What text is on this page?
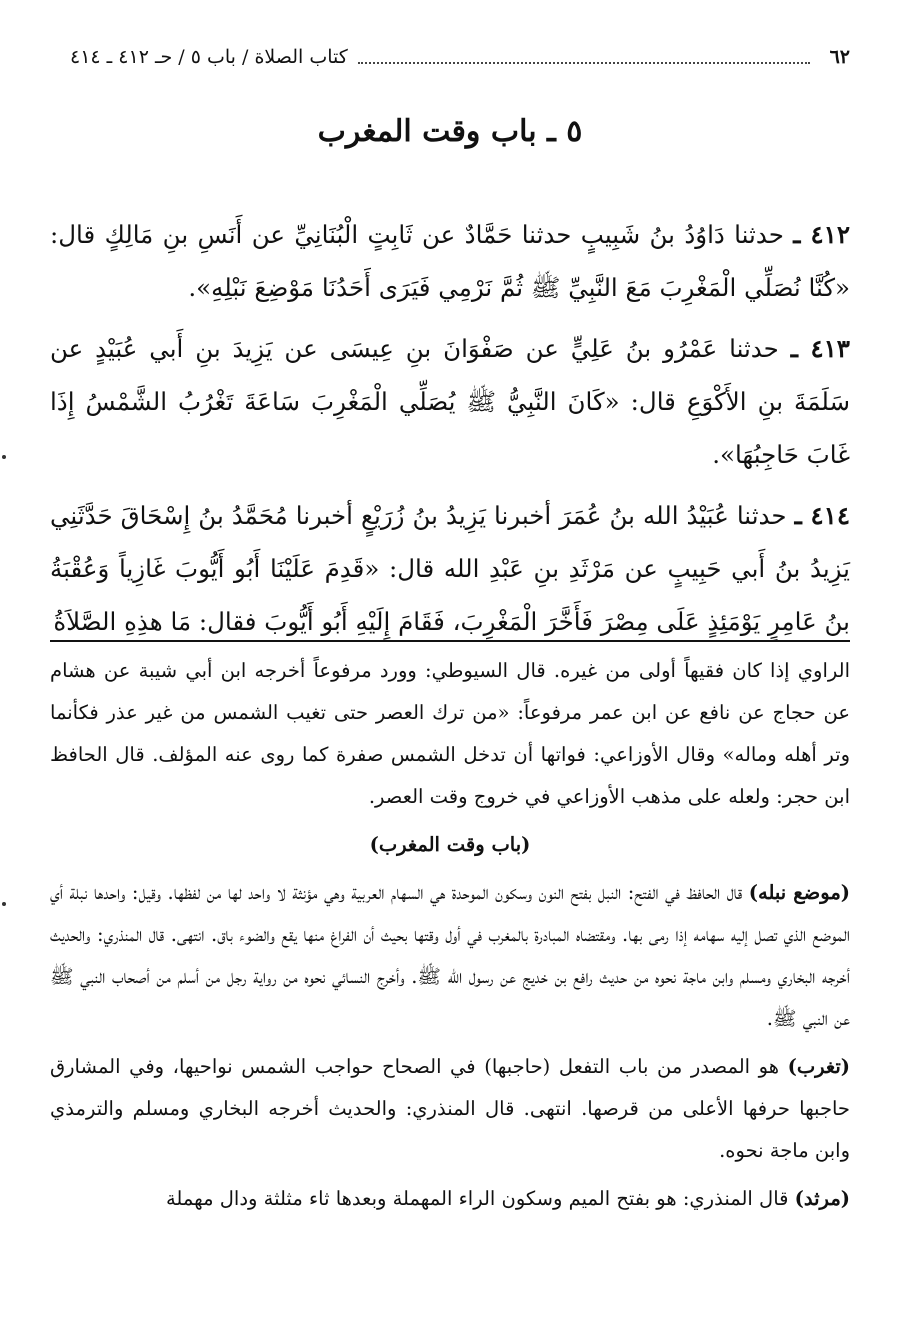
٦٢
كتاب الصلاة / باب ٥ / حـ ٤١٢ ـ ٤١٤
٥ ـ باب وقت المغرب

٤١٢ ـ حدثنا دَاوُدُ بنُ شَبِيبٍ حدثنا حَمَّادٌ عن ثَابِتٍ الْبُنَانِيِّ عن أَنَسِ بنِ مَالِكٍ قال: «كُنَّا نُصَلِّي الْمَغْرِبَ مَعَ النَّبِيِّ ﷺ ثُمَّ نَرْمِي فَيَرَى أَحَدُنَا مَوْضِعَ نَبْلِهِ».

٤١٣ ـ حدثنا عَمْرُو بنُ عَلِيٍّ عن صَفْوَانَ بنِ عِيسَى عن يَزِيدَ بنِ أَبي عُبَيْدٍ عن سَلَمَةَ بنِ الأَكْوَعِ قال: «كَانَ النَّبِيُّ ﷺ يُصَلِّي الْمَغْرِبَ سَاعَةَ تَغْرُبُ الشَّمْسُ إِذَا غَابَ حَاجِبُهَا».

٤١٤ ـ حدثنا عُبَيْدُ الله بنُ عُمَرَ أخبرنا يَزِيدُ بنُ زُرَيْعٍ أخبرنا مُحَمَّدُ بنُ إِسْحَاقَ حَدَّثَنِي يَزِيدُ بنُ أَبي حَبِيبٍ عن مَرْثَدِ بنِ عَبْدِ الله قال: «قَدِمَ عَلَيْنَا أَبُو أَيُّوبَ غَازِياً وَعُقْبَةُ بنُ عَامِرٍ يَوْمَئِذٍ عَلَى مِصْرَ فَأَخَّرَ الْمَغْرِبَ، فَقَامَ إِلَيْهِ أَبُو أَيُّوبَ فقال: مَا هذِهِ الصَّلاَةُ

الراوي إذا كان فقيهاً أولى من غيره. قال السيوطي: وورد مرفوعاً أخرجه ابن أبي شيبة عن هشام عن حجاج عن نافع عن ابن عمر مرفوعاً: «من ترك العصر حتى تغيب الشمس من غير عذر فكأنما وتر أهله وماله» وقال الأوزاعي: فواتها أن تدخل الشمس صفرة كما روى عنه المؤلف. قال الحافظ ابن حجر: ولعله على مذهب الأوزاعي في خروج وقت العصر.

(باب وقت المغرب)

(موضع نبله) قال الحافظ في الفتح: النبل بفتح النون وسكون الموحدة هي السهام العربية وهي مؤنثة لا واحد لها من لفظها. وقيل: واحدها نبلة أي الموضع الذي تصل إليه سهامه إذا رمى بها. ومقتضاه المبادرة بالمغرب في أول وقتها بحيث أن الفراغ منها يقع والضوء باق. انتهى. قال المنذري: والحديث أخرجه البخاري ومسلم وابن ماجة نحوه من حديث رافع بن خديج عن رسول الله ﷺ. وأخرج النسائي نحوه من رواية رجل من أسلم من أصحاب النبي ﷺ عن النبي ﷺ.

(تغرب) هو المصدر من باب التفعل (حاجبها) في الصحاح حواجب الشمس نواحيها، وفي المشارق حاجبها حرفها الأعلى من قرصها. انتهى. قال المنذري: والحديث أخرجه البخاري ومسلم والترمذي وابن ماجة نحوه.

(مرثد) قال المنذري: هو بفتح الميم وسكون الراء المهملة وبعدها ثاء مثلثة ودال مهملة
